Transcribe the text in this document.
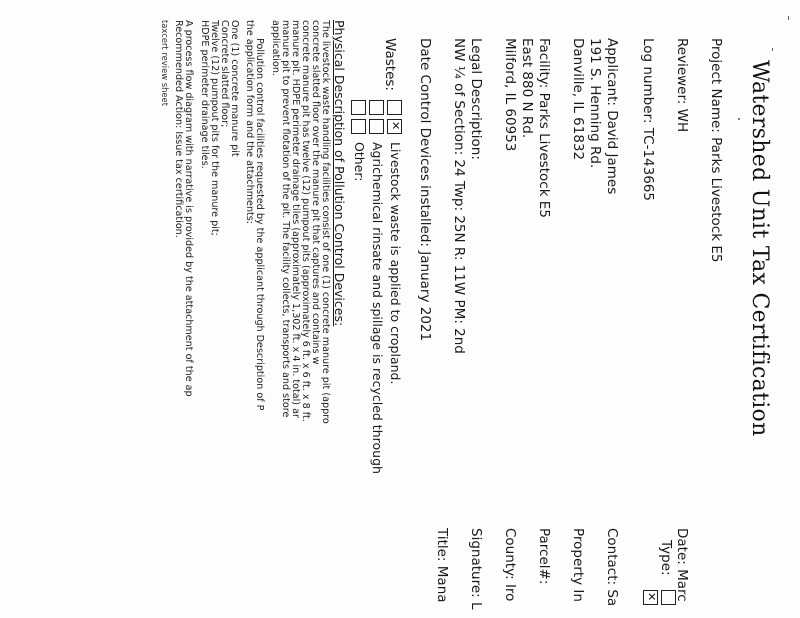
Watershed Unit Tax Certification
Project Name: Parks Livestock E5
Reviewer: WH
Log number: TC-143665
Applicant: David James
191 S. Henning Rd.
Danville, IL 61832
Facility: Parks Livestock E5
East 880 N Rd.
Milford, IL 60953
Legal Description:
NW ¼ of Section: 24 Twp: 25N R: 11W PM: 2nd
Date Control Devices installed: January 2021
Wastes:
✕ Livestock waste is applied to cropland.
Agrichemical rinsate and spillage is recycled through
Other:
Date: Marc
Type:
✕
Contact: Sa
Property In
Parcel#:
County: Iro
Signature: L
Title: Mana
Physical Description of Pollution Control Devices:
The livestock waste handling facilities consist of one (1) concrete manure pit (appro
concrete slatted floor over the manure pit that captures and contains w
concrete manure pit has twelve (12) pumpout pits (approximately 6 ft. x 6 ft. x 8 ft.
manure pit. HDPE perimeter drainage tiles (approximately 1,302 ft. x 4 in. total) ar
manure pit to prevent flotation of the pit. The facility collects, transports and store
application.
Pollution control facilities requested by the applicant through Description of P
the application form and the attachments:
One (1) concrete manure pit
Concrete slatted floor;
Twelve (12) pumpout pits for the manure pit;
HDPE perimeter drainage tiles.
A process flow diagram with narrative is provided by the attachment of the ap
Recommended Action: Issue tax certification.
taxcert review sheet
